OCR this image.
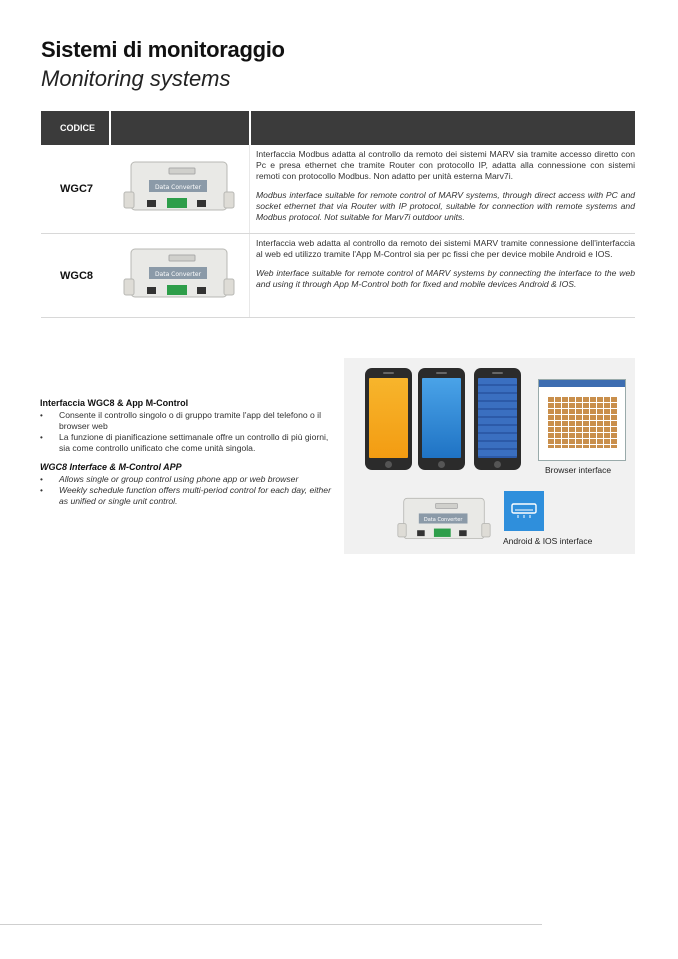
Sistemi di monitoraggio
Monitoring systems
CODICE
WGC7	Data Converter

Interfaccia Modbus adatta al controllo da remoto dei sistemi MARV sia tramite accesso diretto con Pc e presa ethernet che tramite Router con protocollo IP, adatta alla connessione con sistemi remoti con protocollo Modbus. Non adatto per unità esterna Marv7i.

Modbus interface suitable for remote control of MARV systems, through direct access with PC and socket ethernet that via Router with IP protocol, suitable for connection with remote systems and Modbus protocol. Not suitable for Marv7i outdoor units.

WGC8	Data Converter

Interfaccia web adatta al controllo da remoto dei sistemi MARV tramite connessione dell'interfaccia al web ed utilizzo tramite l'App M-Control sia per pc fissi che per device mobile Android e IOS.

Web interface suitable for remote control of MARV systems by connecting the interface to the web and using it through App M-Control both for fixed and mobile devices Android & IOS.

Interfaccia WGC8 & App M-Control
• Consente il controllo singolo o di gruppo tramite l'app del telefono o il browser web
• La funzione di pianificazione settimanale offre un controllo di più giorni, sia come controllo unificato che come unità singola.
WGC8 Interface & M-Control APP
• Allows single or group control using phone app or web browser
• Weekly schedule function offers multi-period control for each day, either as unified or single unit control.
Browser interface
Data Converter
Android & IOS interface
